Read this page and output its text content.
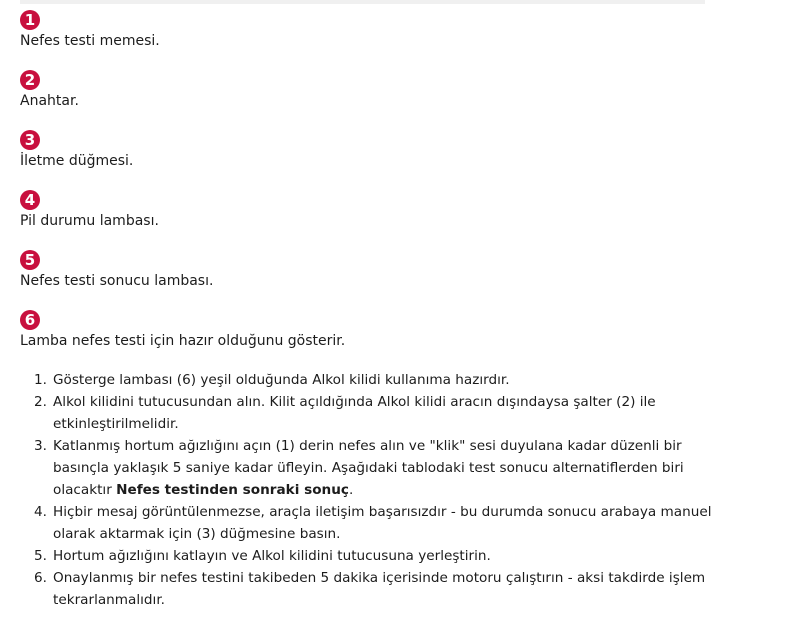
1
Nefes testi memesi.
2
Anahtar.
3
İletme düğmesi.
4
Pil durumu lambası.
5
Nefes testi sonucu lambası.
6
Lamba nefes testi için hazır olduğunu gösterir.
1. Gösterge lambası (6) yeşil olduğunda Alkol kilidi kullanıma hazırdır.
2. Alkol kilidini tutucusundan alın. Kilit açıldığında Alkol kilidi aracın dışındaysa şalter (2) ile etkinleştirilmelidir.
3. Katlanmış hortum ağızlığını açın (1) derin nefes alın ve "klik" sesi duyulana kadar düzenli bir basınçla yaklaşık 5 saniye kadar üfleyin. Aşağıdaki tablodaki test sonucu alternatiflerden biri olacaktır Nefes testinden sonraki sonuç.
4. Hiçbir mesaj görüntülenmezse, araçla iletişim başarısızdır - bu durumda sonucu arabaya manuel olarak aktarmak için (3) düğmesine basın.
5. Hortum ağızlığını katlayın ve Alkol kilidini tutucusuna yerleştirin.
6. Onaylanmış bir nefes testini takibeden 5 dakika içerisinde motoru çalıştırın - aksi takdirde işlem tekrarlanmalıdır.
